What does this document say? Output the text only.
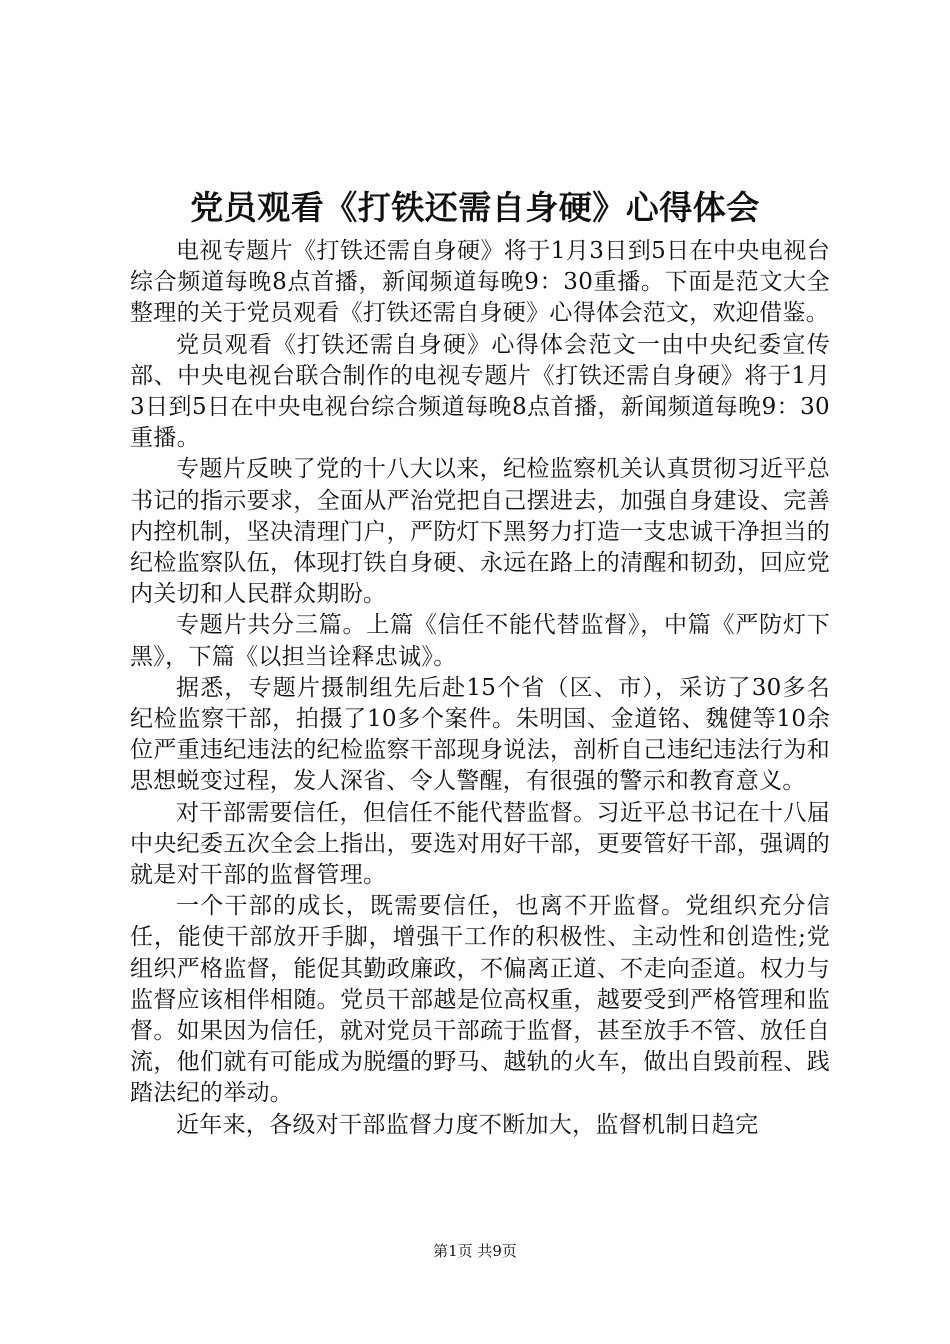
党员观看《打铁还需自身硬》心得体会

电视专题片《打铁还需自身硬》将于1月3日到5日在中央电视台综合频道每晚8点首播，新闻频道每晚9：30重播。下面是范文大全整理的关于党员观看《打铁还需自身硬》心得体会范文，欢迎借鉴。

党员观看《打铁还需自身硬》心得体会范文一由中央纪委宣传部、中央电视台联合制作的电视专题片《打铁还需自身硬》将于1月3日到5日在中央电视台综合频道每晚8点首播，新闻频道每晚9：30重播。

专题片反映了党的十八大以来，纪检监察机关认真贯彻习近平总书记的指示要求，全面从严治党把自己摆进去，加强自身建设、完善内控机制，坚决清理门户，严防灯下黑努力打造一支忠诚干净担当的纪检监察队伍，体现打铁自身硬、永远在路上的清醒和韧劲，回应党内关切和人民群众期盼。

专题片共分三篇。上篇《信任不能代替监督》，中篇《严防灯下黑》，下篇《以担当诠释忠诚》。

据悉，专题片摄制组先后赴15个省（区、市），采访了30多名纪检监察干部，拍摄了10多个案件。朱明国、金道铭、魏健等10余位严重违纪违法的纪检监察干部现身说法，剖析自己违纪违法行为和思想蜕变过程，发人深省、令人警醒，有很强的警示和教育意义。

对干部需要信任，但信任不能代替监督。习近平总书记在十八届中央纪委五次全会上指出，要选对用好干部，更要管好干部，强调的就是对干部的监督管理。

一个干部的成长，既需要信任，也离不开监督。党组织充分信任，能使干部放开手脚，增强干工作的积极性、主动性和创造性;党组织严格监督，能促其勤政廉政，不偏离正道、不走向歪道。权力与监督应该相伴相随。党员干部越是位高权重，越要受到严格管理和监督。如果因为信任，就对党员干部疏于监督，甚至放手不管、放任自流，他们就有可能成为脱缰的野马、越轨的火车，做出自毁前程、践踏法纪的举动。

近年来，各级对干部监督力度不断加大，监督机制日趋完

第1页 共9页
